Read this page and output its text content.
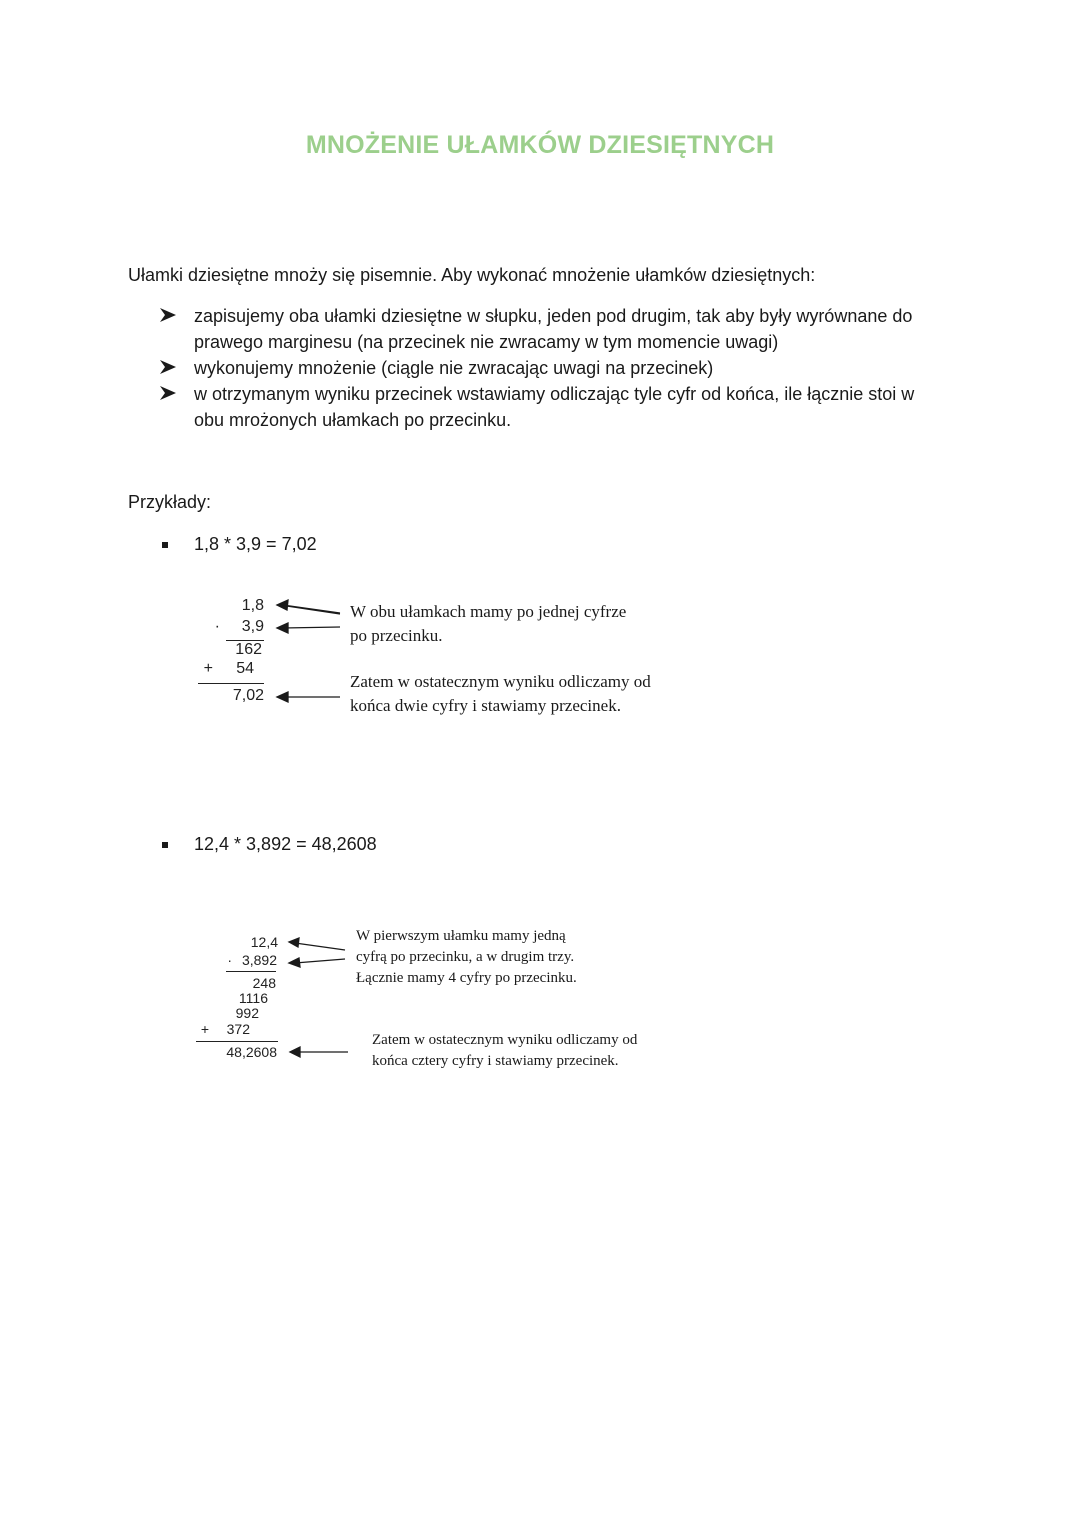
MNOŻENIE UŁAMKÓW DZIESIĘTNYCH
Ułamki dziesiętne mnoży się pisemnie. Aby wykonać mnożenie ułamków dziesiętnych:
zapisujemy oba ułamki dziesiętne w słupku, jeden pod drugim, tak aby były wyrównane do
prawego marginesu (na przecinek nie zwracamy w tym momencie uwagi)
wykonujemy mnożenie (ciągle nie zwracając uwagi na przecinek)
w otrzymanym wyniku przecinek wstawiamy odliczając tyle cyfr od końca, ile łącznie stoi w
obu mrożonych ułamkach po przecinku.
Przykłady:
1,8 * 3,9 = 7,02
1,8
·	3,9
162
+	54
7,02
W obu ułamkach mamy po jednej cyfrze
po przecinku.
Zatem w ostatecznym wyniku odliczamy od
końca dwie cyfry i stawiamy przecinek.
12,4 * 3,892 = 48,2608
12,4
· 3,892
248
1116
992
+	372
48,2608
W pierwszym ułamku mamy jedną
cyfrą po przecinku, a w drugim trzy.
Łącznie mamy 4 cyfry po przecinku.
Zatem w ostatecznym wyniku odliczamy od
końca cztery cyfry i stawiamy przecinek.
